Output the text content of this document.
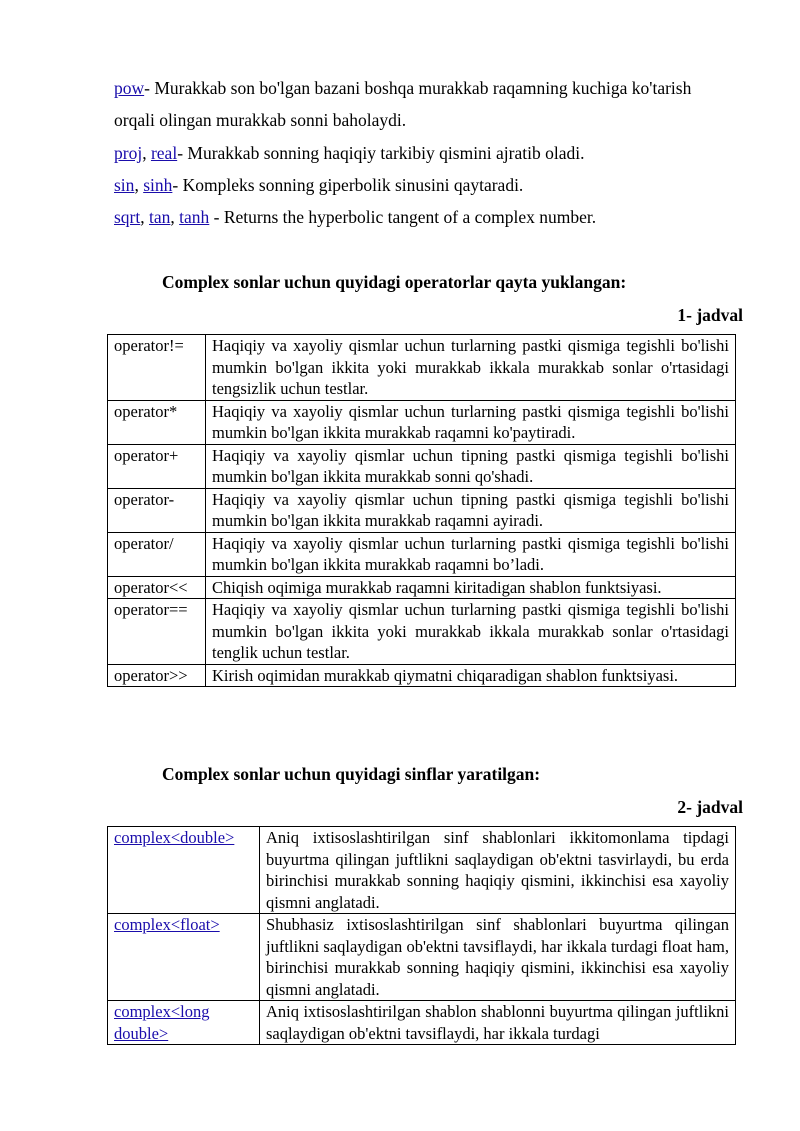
pow- Murakkab son bo'lgan bazani boshqa murakkab raqamning kuchiga ko'tarish
orqali olingan murakkab sonni baholaydi.
proj, real- Murakkab sonning haqiqiy tarkibiy qismini ajratib oladi.
sin, sinh- Kompleks sonning giperbolik sinusini qaytaradi.
sqrt, tan, tanh - Returns the hyperbolic tangent of a complex number.
Complex sonlar uchun quyidagi operatorlar qayta yuklangan:
1- jadval
operator!=	Haqiqiy va xayoliy qismlar uchun turlarning pastki qismiga tegishli bo'lishi mumkin bo'lgan ikkita yoki murakkab ikkala murakkab sonlar o'rtasidagi tengsizlik uchun testlar.
operator*	Haqiqiy va xayoliy qismlar uchun turlarning pastki qismiga tegishli bo'lishi mumkin bo'lgan ikkita murakkab raqamni ko'paytiradi.
operator+	Haqiqiy va xayoliy qismlar uchun tipning pastki qismiga tegishli bo'lishi mumkin bo'lgan ikkita murakkab sonni qo'shadi.
operator-	Haqiqiy va xayoliy qismlar uchun tipning pastki qismiga tegishli bo'lishi mumkin bo'lgan ikkita murakkab raqamni ayiradi.
operator/	Haqiqiy va xayoliy qismlar uchun turlarning pastki qismiga tegishli bo'lishi mumkin bo'lgan ikkita murakkab raqamni bo’ladi.
operator<<	Chiqish oqimiga murakkab raqamni kiritadigan shablon funktsiyasi.
operator==	Haqiqiy va xayoliy qismlar uchun turlarning pastki qismiga tegishli bo'lishi mumkin bo'lgan ikkita yoki murakkab ikkala murakkab sonlar o'rtasidagi tenglik uchun testlar.
operator>>	Kirish oqimidan murakkab qiymatni chiqaradigan shablon funktsiyasi.
Complex sonlar uchun quyidagi sinflar yaratilgan:
2- jadval
complex<double>	Aniq ixtisoslashtirilgan sinf shablonlari ikkitomonlama tipdagi buyurtma qilingan juftlikni saqlaydigan ob'ektni tasvirlaydi, bu erda birinchisi murakkab sonning haqiqiy qismini, ikkinchisi esa xayoliy qismni anglatadi.
complex<float>	Shubhasiz ixtisoslashtirilgan sinf shablonlari buyurtma qilingan juftlikni saqlaydigan ob'ektni tavsiflaydi, har ikkala turdagi float ham, birinchisi murakkab sonning haqiqiy qismini, ikkinchisi esa xayoliy qismni anglatadi.
complex<long double>	Aniq ixtisoslashtirilgan shablon shablonni buyurtma qilingan juftlikni saqlaydigan ob'ektni tavsiflaydi, har ikkala turdagi
